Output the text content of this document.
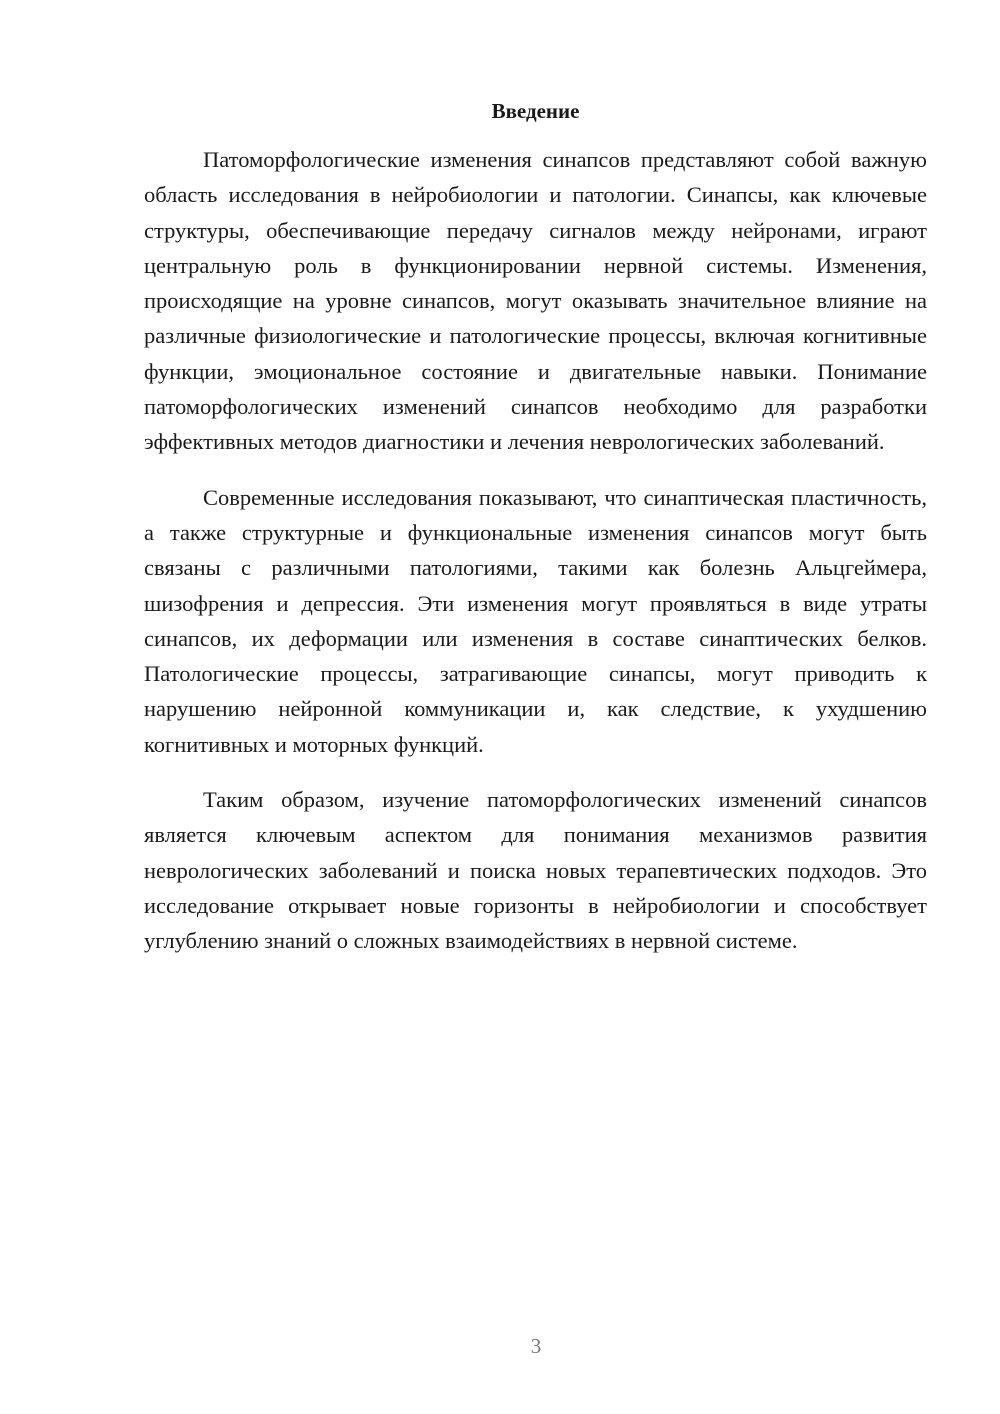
Введение

Патоморфологические изменения синапсов представляют собой важную область исследования в нейробиологии и патологии. Синапсы, как ключевые структуры, обеспечивающие передачу сигналов между нейронами, играют центральную роль в функционировании нервной системы. Изменения, происходящие на уровне синапсов, могут оказывать значительное влияние на различные физиологические и патологические процессы, включая когнитивные функции, эмоциональное состояние и двигательные навыки. Понимание патоморфологических изменений синапсов необходимо для разработки эффективных методов диагностики и лечения неврологических заболеваний.

Современные исследования показывают, что синаптическая пластичность, а также структурные и функциональные изменения синапсов могут быть связаны с различными патологиями, такими как болезнь Альцгеймера, шизофрения и депрессия. Эти изменения могут проявляться в виде утраты синапсов, их деформации или изменения в составе синаптических белков. Патологические процессы, затрагивающие синапсы, могут приводить к нарушению нейронной коммуникации и, как следствие, к ухудшению когнитивных и моторных функций.

Таким образом, изучение патоморфологических изменений синапсов является ключевым аспектом для понимания механизмов развития неврологических заболеваний и поиска новых терапевтических подходов. Это исследование открывает новые горизонты в нейробиологии и способствует углублению знаний о сложных взаимодействиях в нервной системе.

3
